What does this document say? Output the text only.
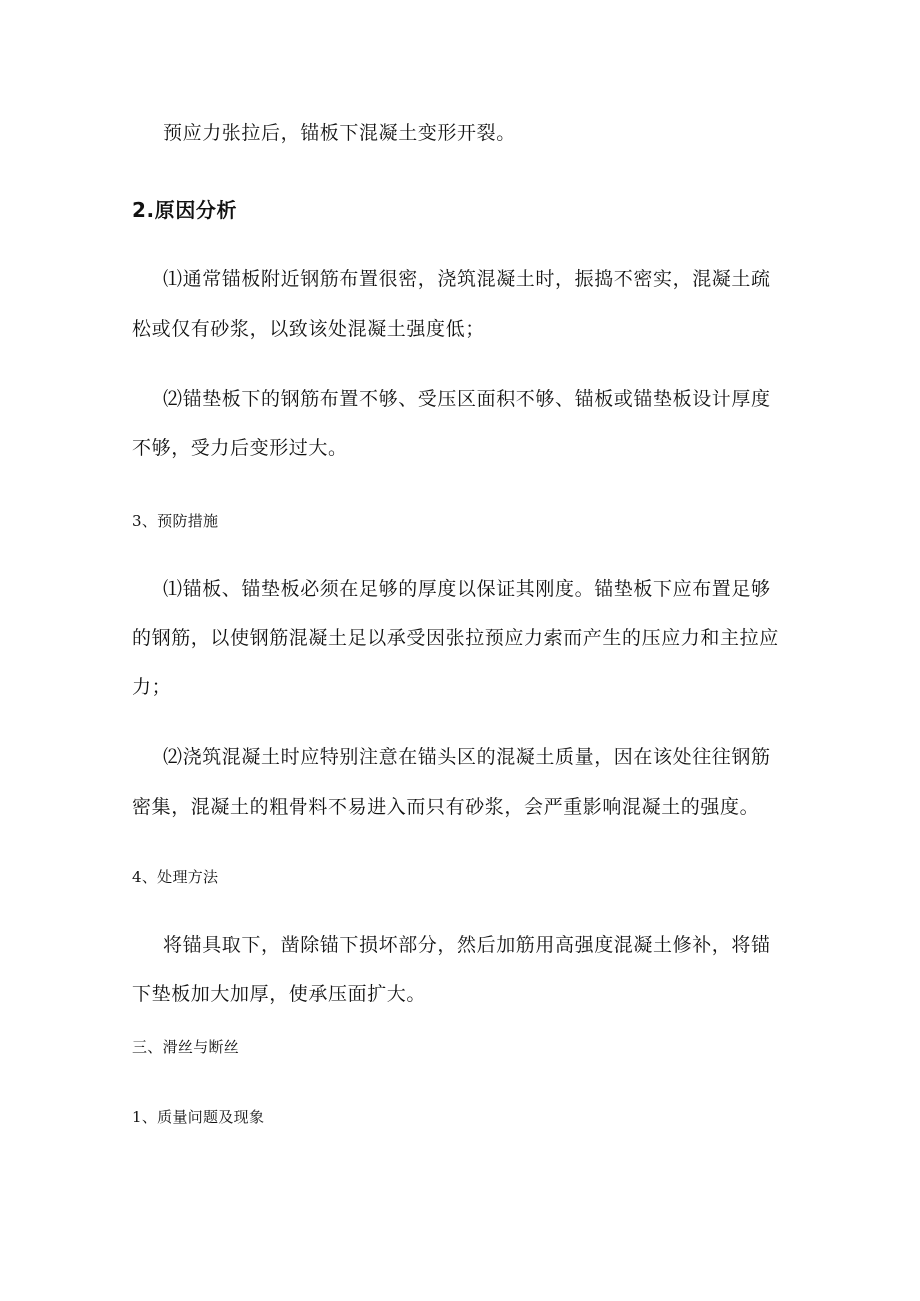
预应力张拉后，锚板下混凝土变形开裂。
2.原因分析
⑴通常锚板附近钢筋布置很密，浇筑混凝土时，振捣不密实，混凝土疏
松或仅有砂浆，以致该处混凝土强度低；
⑵锚垫板下的钢筋布置不够、受压区面积不够、锚板或锚垫板设计厚度
不够，受力后变形过大。
3、预防措施
⑴锚板、锚垫板必须在足够的厚度以保证其刚度。锚垫板下应布置足够
的钢筋，以使钢筋混凝土足以承受因张拉预应力索而产生的压应力和主拉应
力；
⑵浇筑混凝土时应特别注意在锚头区的混凝土质量，因在该处往往钢筋
密集，混凝土的粗骨料不易进入而只有砂浆，会严重影响混凝土的强度。
4、处理方法
将锚具取下，凿除锚下损坏部分，然后加筋用高强度混凝土修补，将锚
下垫板加大加厚，使承压面扩大。
三、滑丝与断丝
1、质量问题及现象
